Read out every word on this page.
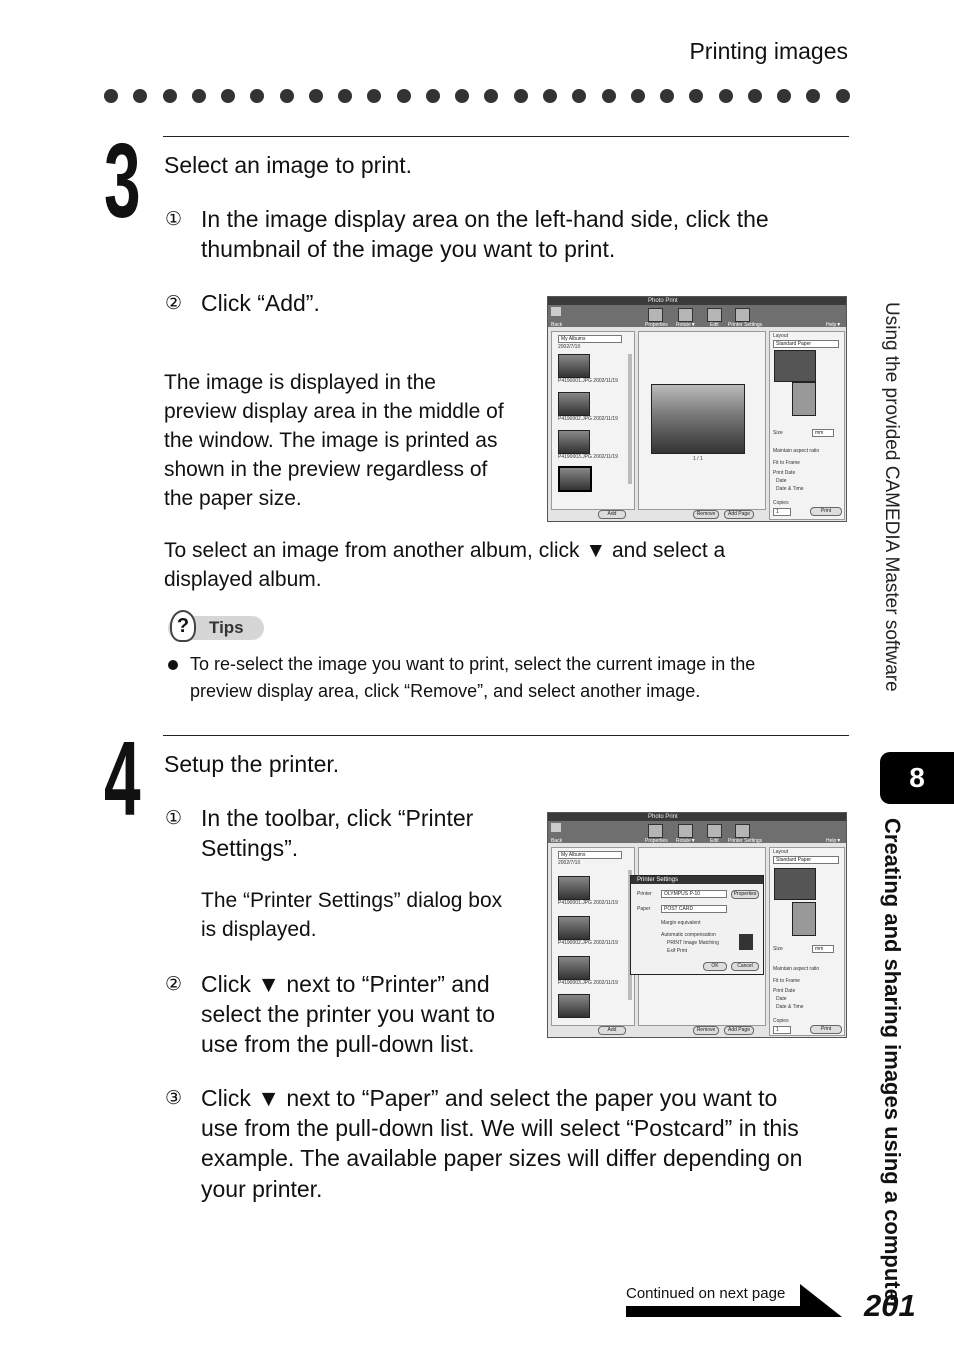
Printing images
3 Select an image to print.
① In the image display area on the left-hand side, click the
thumbnail of the image you want to print.
② Click “Add”.
The image is displayed in the
preview display area in the middle of
the window. The image is printed as
shown in the preview regardless of
the paper size.
Photo Print
Back	Properties Rotate▼	Edit Printer Settings	Help▼
My Albums
2002/7/10
P4190001.JPG 2002/11/19
P4190002.JPG 2002/11/19
P4190003.JPG 2002/11/19
Add
1 / 1
Remove	Add Page
Layout
Standard Paper
Size	mm
Maintain aspect ratio
Fit to Frame
Print Date
Date
Date & Time
Copies
1	Print
To select an image from another album, click ▼ and select a
displayed album.
?	Tips
To re-select the image you want to print, select the current image in the
preview display area, click “Remove”, and select another image.
4 Setup the printer.
① In the toolbar, click “Printer
Settings”.
The “Printer Settings” dialog box
is displayed.
② Click ▼ next to “Printer” and
select the printer you want to
use from the pull-down list.
Photo Print
Back	Properties Rotate▼	Edit Printer Settings	Help▼
My Albums
2002/7/10
P4190001.JPG 2002/11/19
P4190002.JPG 2002/11/19
P4190003.JPG 2002/11/19
Add	Remove	Add Page
Layout
Standard Paper
Size	mm
Maintain aspect ratio
Fit to Frame
Print Date
Date
Date & Time
Copies
1	Print
Printer Settings
Printer	OLYMPUS P-10	Properties
Paper	POST CARD
Margin equivalent
Automatic compensation
PRINT Image Matching
Exif Print
OK	Cancel
③ Click ▼ next to “Paper” and select the paper you want to
use from the pull-down list. We will select “Postcard” in this
example. The available paper sizes will differ depending on
your printer.
Using the provided CAMEDIA Master software
8
Creating and sharing images using a computer
Continued on next page	201
